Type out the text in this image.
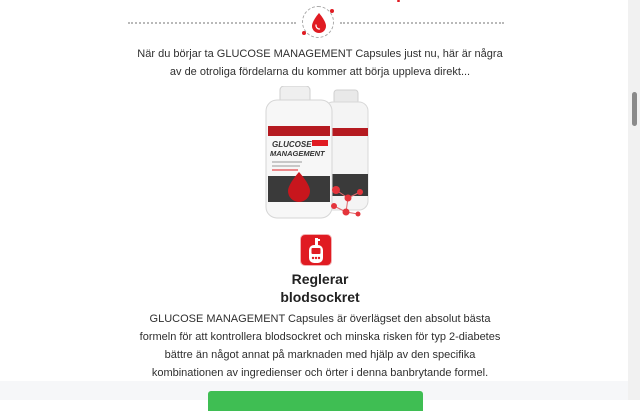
När du börjar ta GLUCOSE MANAGEMENT Capsules just nu, här är några
av de otroliga fördelarna du kommer att börja uppleva direkt...
GLUCOSE
MANAGEMENT
Reglerar
blodsockret
GLUCOSE MANAGEMENT Capsules är överlägset den absolut bästa
formeln för att kontrollera blodsockret och minska risken för typ 2-diabetes
bättre än något annat på marknaden med hjälp av den specifika
kombinationen av ingredienser och örter i denna banbrytande formel.
